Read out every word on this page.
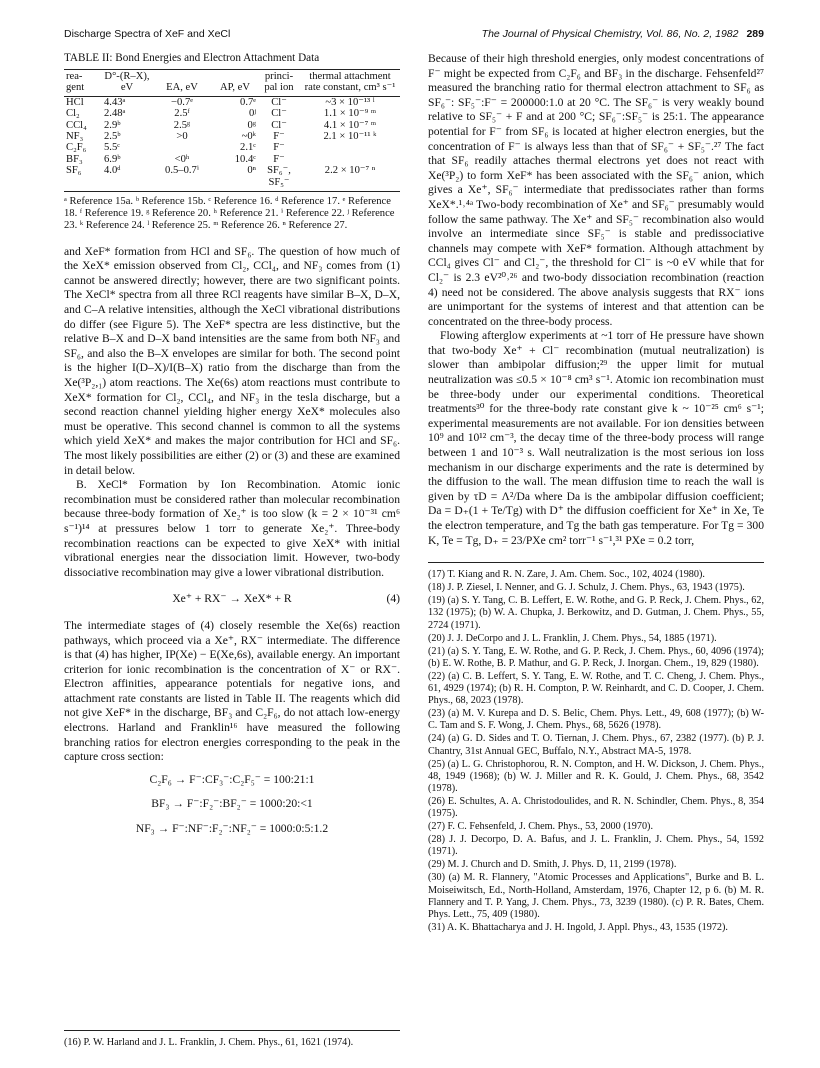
Discharge Spectra of XeF and XeCl	The Journal of Physical Chemistry, Vol. 86, No. 2, 1982 289
TABLE II: Bond Energies and Electron Attachment Data
rea-gent	D°-(R–X), eV	EA, eV	AP, eV	princi-pal ion	thermal attachment rate constant, cm³ s⁻¹
HCl	4.43ᵃ	−0.7ᵉ	0.7ᵉ	Cl⁻	~3 × 10⁻¹³ ˡ
Cl₂	2.48ᵃ	2.5ᶠ	0ʲ	Cl⁻	1.1 × 10⁻⁹ ᵐ
CCl₄	2.9ᵇ	2.5ᵍ	0ᵍ	Cl⁻	4.1 × 10⁻⁷ ᵐ
NF₃	2.5ᵇ	>0	~0ᵏ	F⁻	2.1 × 10⁻¹¹ ᵏ
C₂F₆	5.5ᶜ		2.1ᶜ	F⁻	
BF₃	6.9ᵇ	<0ʰ	10.4ᶜ	F⁻	
SF₆	4.0ᵈ	0.5–0.7ⁱ	0ⁿ	SF₆⁻, SF₅⁻	2.2 × 10⁻⁷ ⁿ
ᵃ Reference 15a. ᵇ Reference 15b. ᶜ Reference 16. ᵈ Reference 17. ᵉ Reference 18. ᶠ Reference 19. ᵍ Reference 20. ʰ Reference 21. ⁱ Reference 22. ʲ Reference 23. ᵏ Reference 24. ˡ Reference 25. ᵐ Reference 26. ⁿ Reference 27.

and XeF* formation from HCl and SF₆. The question of how much of the XeX* emission observed from Cl₂, CCl₄, and NF₃ comes from (1) cannot be answered directly; however, there are two significant points. The XeCl* spectra from all three RCl reagents have similar B–X, D–X, and C–A relative intensities, although the XeCl vibrational distributions do differ (see Figure 5). The XeF* spectra are less distinctive, but the relative B–X and D–X band intensities are the same from both NF₃ and SF₆, and also the B–X envelopes are similar for both. The second point is the higher I(D–X)/I(B–X) ratio from the discharge than from the Xe(³P₂,₁) atom reactions. The Xe(6s) atom reactions must contribute to XeX* formation for Cl₂, CCl₄, and NF₃ in the tesla discharge, but a second reaction channel yielding higher energy XeX* molecules also must be operative. This second channel is common to all the systems which yield XeX* and makes the major contribution for HCl and SF₆. The most likely possibilities are either (2) or (3) and these are examined in detail below.

B. XeCl* Formation by Ion Recombination. Atomic ionic recombination must be considered rather than molecular recombination because three-body formation of Xe₂⁺ is too slow (k = 2 × 10⁻³¹ cm⁶ s⁻¹)¹⁴ at pressures below 1 torr to generate Xe₂⁺. Three-body recombination reactions can be expected to give XeX* with initial vibrational energies near the dissociation limit. However, two-body dissociative recombination may give a lower vibrational distribution.

Xe⁺ + RX⁻ → XeX* + R	(4)

The intermediate stages of (4) closely resemble the Xe(6s) reaction pathways, which proceed via a Xe⁺, RX⁻ intermediate. The difference is that (4) has higher, IP(Xe) − E(Xe,6s), available energy. An important criterion for ionic recombination is the concentration of X⁻ or RX⁻. Electron affinities, appearance potentials for negative ions, and attachment rate constants are listed in Table II. The reagents which did not give XeF* in the discharge, BF₃ and C₂F₆, do not attach low-energy electrons. Harland and Franklin¹⁶ have measured the following branching ratios for electron energies corresponding to the peak in the capture cross section:

C₂F₆ → F⁻:CF₃⁻:C₂F₅⁻ = 100:21:1
BF₃ → F⁻:F₂⁻:BF₂⁻ = 1000:20:<1
NF₃ → F⁻:NF⁻:F₂⁻:NF₂⁻ = 1000:0:5:1.2
(16) P. W. Harland and J. L. Franklin, J. Chem. Phys., 61, 1621 (1974).

Because of their high threshold energies, only modest concentrations of F⁻ might be expected from C₂F₆ and BF₃ in the discharge. Fehsenfeld²⁷ measured the branching ratio for thermal electron attachment to SF₆ as SF₆⁻: SF₅⁻:F⁻ = 200000:1.0 at 20 °C. The SF₆⁻ is very weakly bound relative to SF₅⁻ + F and at 200 °C; SF₆⁻:SF₅⁻ is 25:1. The appearance potential for F⁻ from SF₆ is located at higher electron energies, but the concentration of F⁻ is always less than that of SF₆⁻ + SF₅⁻.²⁷ The fact that SF₆ readily attaches thermal electrons yet does not react with Xe(³P₂) to form XeF* has been associated with the SF₆⁻ anion, which gives a Xe⁺, SF₆⁻ intermediate that predissociates rather than forms XeX*.¹˒⁴ᵃ Two-body recombination of Xe⁺ and SF₆⁻ presumably would follow the same pathway. The Xe⁺ and SF₅⁻ recombination also would involve an intermediate since SF₅⁻ is stable and predissociative channels may compete with XeF* formation. Although attachment by CCl₄ gives Cl⁻ and Cl₂⁻, the threshold for Cl⁻ is ~0 eV while that for Cl₂⁻ is 2.3 eV²⁰˒²⁶ and two-body dissociation recombination (reaction 4) need not be considered. The above analysis suggests that RX⁻ ions are unimportant for the systems of interest and that attention can be concentrated on the three-body process.

Flowing afterglow experiments at ~1 torr of He pressure have shown that two-body Xe⁺ + Cl⁻ recombination (mutual neutralization) is slower than ambipolar diffusion;²⁹ the upper limit for mutual neutralization was ≤0.5 × 10⁻⁸ cm³ s⁻¹. Atomic ion recombination must be three-body under our experimental conditions. Theoretical treatments³⁰ for the three-body rate constant give k ~ 10⁻²⁵ cm⁶ s⁻¹; experimental measurements are not available. For ion densities between 10⁹ and 10¹² cm⁻³, the decay time of the three-body process will range between 1 and 10⁻³ s. Wall neutralization is the most serious ion loss mechanism in our discharge experiments and the rate is determined by the diffusion to the wall. The mean diffusion time to reach the wall is given by τD = Λ²/Da where Da is the ambipolar diffusion coefficient; Da = D₊(1 + Te/Tg) with D⁺ the diffusion coefficient for Xe⁺ in Xe, Te the electron temperature, and Tg the bath gas temperature. For Tg = 300 K, Te = Tg, D₊ = 23/PXe cm² torr⁻¹ s⁻¹,³¹ PXe = 0.2 torr,

(17) T. Kiang and R. N. Zare, J. Am. Chem. Soc., 102, 4024 (1980).
(18) J. P. Ziesel, I. Nenner, and G. J. Schulz, J. Chem. Phys., 63, 1943 (1975).
(19) (a) S. Y. Tang, C. B. Leffert, E. W. Rothe, and G. P. Reck, J. Chem. Phys., 62, 132 (1975); (b) W. A. Chupka, J. Berkowitz, and D. Gutman, J. Chem. Phys., 55, 2724 (1971).
(20) J. J. DeCorpo and J. L. Franklin, J. Chem. Phys., 54, 1885 (1971).
(21) (a) S. Y. Tang, E. W. Rothe, and G. P. Reck, J. Chem. Phys., 60, 4096 (1974); (b) E. W. Rothe, B. P. Mathur, and G. P. Reck, J. Inorgan. Chem., 19, 829 (1980).
(22) (a) C. B. Leffert, S. Y. Tang, E. W. Rothe, and T. C. Cheng, J. Chem. Phys., 61, 4929 (1974); (b) R. H. Compton, P. W. Reinhardt, and C. D. Cooper, J. Chem. Phys., 68, 2023 (1978).
(23) (a) M. V. Kurepa and D. S. Belic, Chem. Phys. Lett., 49, 608 (1977); (b) W-C. Tam and S. F. Wong, J. Chem. Phys., 68, 5626 (1978).
(24) (a) G. D. Sides and T. O. Tiernan, J. Chem. Phys., 67, 2382 (1977). (b) P. J. Chantry, 31st Annual GEC, Buffalo, N.Y., Abstract MA-5, 1978.
(25) (a) L. G. Christophorou, R. N. Compton, and H. W. Dickson, J. Chem. Phys., 48, 1949 (1968); (b) W. J. Miller and R. K. Gould, J. Chem. Phys., 68, 3542 (1978).
(26) E. Schultes, A. A. Christodoulides, and R. N. Schindler, Chem. Phys., 8, 354 (1975).
(27) F. C. Fehsenfeld, J. Chem. Phys., 53, 2000 (1970).
(28) J. J. Decorpo, D. A. Bafus, and J. L. Franklin, J. Chem. Phys., 54, 1592 (1971).
(29) M. J. Church and D. Smith, J. Phys. D, 11, 2199 (1978).
(30) (a) M. R. Flannery, "Atomic Processes and Applications", Burke and B. L. Moiseiwitsch, Ed., North-Holland, Amsterdam, 1976, Chapter 12, p 6. (b) M. R. Flannery and T. P. Yang, J. Chem. Phys., 73, 3239 (1980). (c) P. R. Bates, Chem. Phys. Lett., 75, 409 (1980).
(31) A. K. Bhattacharya and J. H. Ingold, J. Appl. Phys., 43, 1535 (1972).
